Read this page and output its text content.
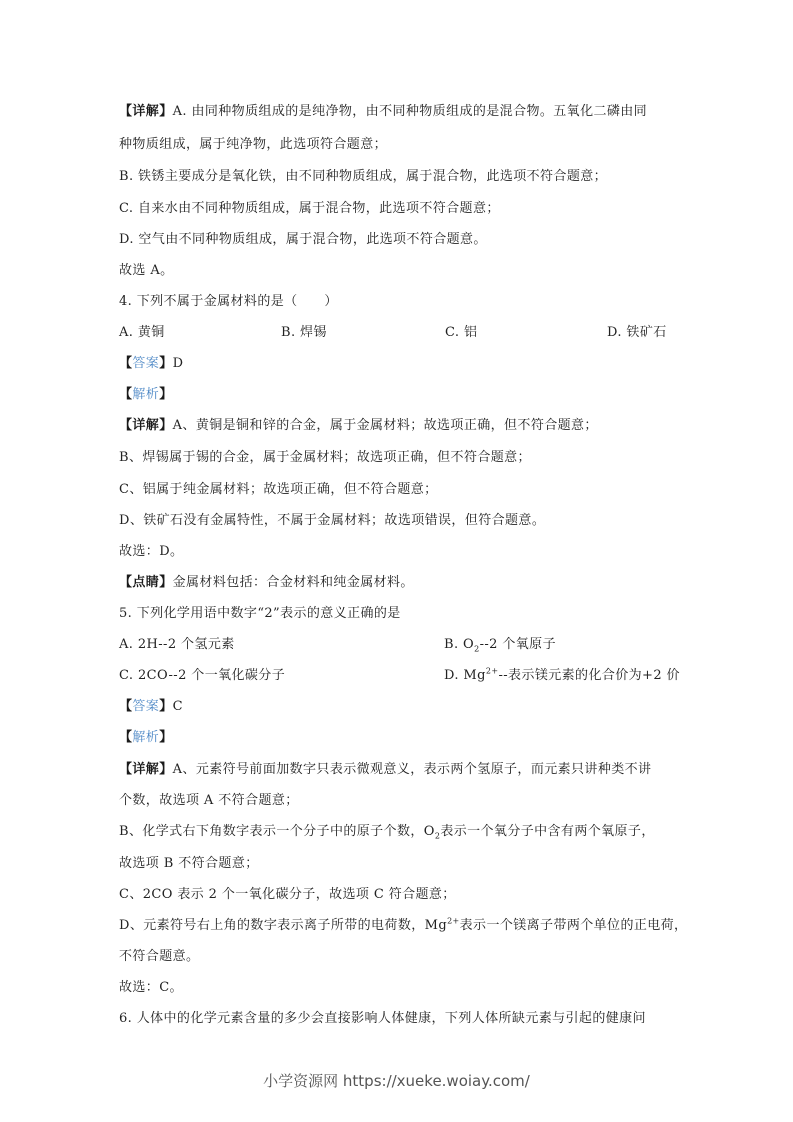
【详解】A. 由同种物质组成的是纯净物，由不同种物质组成的是混合物。五氧化二磷由同
种物质组成，属于纯净物，此选项符合题意；
B. 铁锈主要成分是氧化铁，由不同种物质组成，属于混合物，此选项不符合题意；
C. 自来水由不同种物质组成，属于混合物，此选项不符合题意；
D. 空气由不同种物质组成，属于混合物，此选项不符合题意。
故选 A。
4. 下列不属于金属材料的是（　　）
A. 黄铜	B. 焊锡	C. 铝	D. 铁矿石
【答案】D
【解析】
【详解】A、黄铜是铜和锌的合金，属于金属材料；故选项正确，但不符合题意；
B、焊锡属于锡的合金，属于金属材料；故选项正确，但不符合题意；
C、铝属于纯金属材料；故选项正确，但不符合题意；
D、铁矿石没有金属特性，不属于金属材料；故选项错误，但符合题意。
故选：D。
【点睛】金属材料包括：合金材料和纯金属材料。
5. 下列化学用语中数字“2”表示的意义正确的是
A. 2H--2 个氢元素	B. $O_2--2$ 个氧原子
C. 2CO--2 个一氧化碳分子	D. $Mg^{2+}--$表示镁元素的化合价为+2 价
【答案】C
【解析】
【详解】A、元素符号前面加数字只表示微观意义，表示两个氢原子，而元素只讲种类不讲
个数，故选项 A 不符合题意；
B、化学式右下角数字表示一个分子中的原子个数，$O_2$表示一个氧分子中含有两个氧原子，
故选项 B 不符合题意；
C、2CO 表示 2 个一氧化碳分子，故选项 C 符合题意；
D、元素符号右上角的数字表示离子所带的电荷数，$Mg^{2+}$表示一个镁离子带两个单位的正电荷，
不符合题意。
故选：C。
6. 人体中的化学元素含量的多少会直接影响人体健康，下列人体所缺元素与引起的健康问
小学资源网 https://xueke.woiay.com/
